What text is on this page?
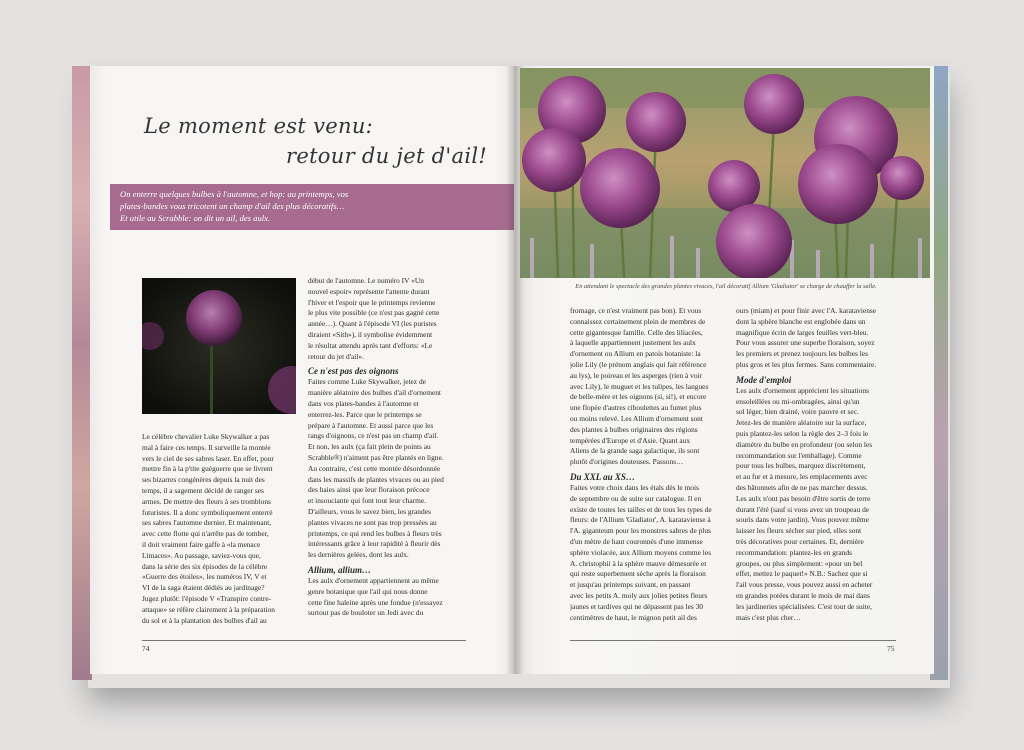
Le moment est venu:
retour du jet d'ail!
On enterre quelques bulbes à l'automne, et hop: au printemps, vos
plates-bandes vous tricotent un champ d'ail des plus décoratifs…
Et utile au Scrabble: on dit un ail, des aulx.
Le célèbre chevalier Luke Skywalker a pas
mal à faire ces temps. Il surveille la montée
vers le ciel de ses sabres laser. En effet, pour
mettre fin à la p'tite guéguerre que se livrent
ses bizarres congénères depuis la nuit des
temps, il a sagement décidé de ranger ses
armes. De mettre des fleurs à ses tromblons
futuristes. Il a donc symboliquement enterré
ses sabres l'automne dernier. Et maintenant,
avec cette flotte qui n'arrête pas de tomber,
il doit vraiment faire gaffe à «la menace
Limaces». Au passage, saviez-vous que,
dans la série des six épisodes de la célèbre
«Guerre des étoiles», les numéros IV, V et
VI de la saga étaient dédiés au jardinage?
Jugez plutôt: l'épisode V «Transpire contre-
attaque» se réfère clairement à la préparation
du sol et à la plantation des bulbes d'ail au
début de l'automne. Le numéro IV «Un
nouvel espoir» représente l'attente durant
l'hiver et l'espoir que le printemps revienne
le plus vite possible (ce n'est pas gagné cette
année…). Quant à l'épisode VI (les puristes
diraient «Sith»), il symbolise évidemment
le résultat attendu après tant d'efforts: «Le
retour du jet d'ail».
Ce n'est pas des oignons
Faites comme Luke Skywalker, jetez de
manière aléatoire des bulbes d'ail d'ornement
dans vos plates-bandes à l'automne et
enterrez-les. Parce que le printemps se
prépare à l'automne. Et aussi parce que les
rangs d'oignons, ce n'est pas un champ d'ail.
Et non, les aulx (ça fait plein de points au
Scrabble®) n'aiment pas être plantés en ligne.
Au contraire, c'est cette montée désordonnée
dans les massifs de plantes vivaces ou au pied
des haies ainsi que leur floraison précoce
et insouciante qui font tout leur charme.
D'ailleurs, vous le savez bien, les grandes
plantes vivaces ne sont pas trop pressées au
printemps, ce qui rend les bulbes à fleurs très
intéressants grâce à leur rapidité à fleurir dès
les dernières gelées, dont les aulx.
Allium, allium…
Les aulx d'ornement appartiennent au même
genre botanique que l'ail qui nous donne
cette fine haleine après une fondue (n'essayez
surtout pas de bouloter un Jedi avec du
74
fromage, ce n'est vraiment pas bon). Et vous
connaissez certainement plein de membres de
cette gigantesque famille. Celle des liliacées,
à laquelle appartiennent justement les aulx
d'ornement ou Allium en patois botaniste: la
jolie Lily (le prénom anglais qui fait référence
au lys), le poireau et les asperges (rien à voir
avec Lily), le muguet et les tulipes, les langues
de belle-mère et les oignons (si, si!), et encore
une flopée d'autres ciboulettes au fumet plus
ou moins relevé. Les Allium d'ornement sont
des plantes à bulbes originaires des régions
tempérées d'Europe et d'Asie. Quant aux
Aliens de la grande saga galactique, ils sont
plutôt d'origines douteuses. Passons…
Du XXL au XS…
Faites votre choix dans les étals dès le mois
de septembre ou de suite sur catalogue. Il en
existe de toutes les tailles et de tous les types de
fleurs: de l'Allium 'Gladiator', A. karataviense à
l'A. giganteum pour les monstres sabres de plus
d'un mètre de haut couronnés d'une immense
sphère violacée, aux Allium moyens comme les
A. christophii à la sphère mauve démesurée et
qui reste superbement sèche après la floraison
et jusqu'au printemps suivant, en passant
avec les petits A. moly aux jolies petites fleurs
jaunes et tardives qui ne dépassent pas les 30
centimètres de haut, le mignon petit ail des
ours (miam) et pour finir avec l'A. karataviense
dont la sphère blanche est englobée dans un
magnifique écrin de larges feuilles vert-bleu.
Pour vous assurer une superbe floraison, soyez
les premiers et prenez toujours les bulbes les
plus gros et les plus fermes. Sans commentaire.
Mode d'emploi
Les aulx d'ornement apprécient les situations
ensoleillées ou mi-ombragées, ainsi qu'un
sol léger, bien drainé, voire pauvre et sec.
Jetez-les de manière aléatoire sur la surface,
puis plantez-les selon la règle des 2–3 fois le
diamètre du bulbe en profondeur (ou selon les
recommandation sur l'emballage). Comme
pour tous les bulbes, marquez discrètement,
et au fur et à mesure, les emplacements avec
des bâtonnets afin de ne pas marcher dessus.
Les aulx n'ont pas besoin d'être sortis de terre
durant l'été (sauf si vous avez un troupeau de
souris dans votre jardin). Vous pouvez même
laisser les fleurs sécher sur pied, elles sont
très décoratives pour certaines. Et, dernière
recommandation: plantez-les en grands
groupes, ou plus simplement: «pour un bel
effet, mettez le paquet!» N.B.: Sachez que si
l'ail vous presse, vous pouvez aussi en acheter
en grandes potées durant le mois de mai dans
les jardineries spécialisées. C'est tout de suite,
mais c'est plus cher…
75
En attendant le spectacle des grandes plantes vivaces, l'ail décoratif Allium 'Gladiator' se charge de chauffer la salle.
